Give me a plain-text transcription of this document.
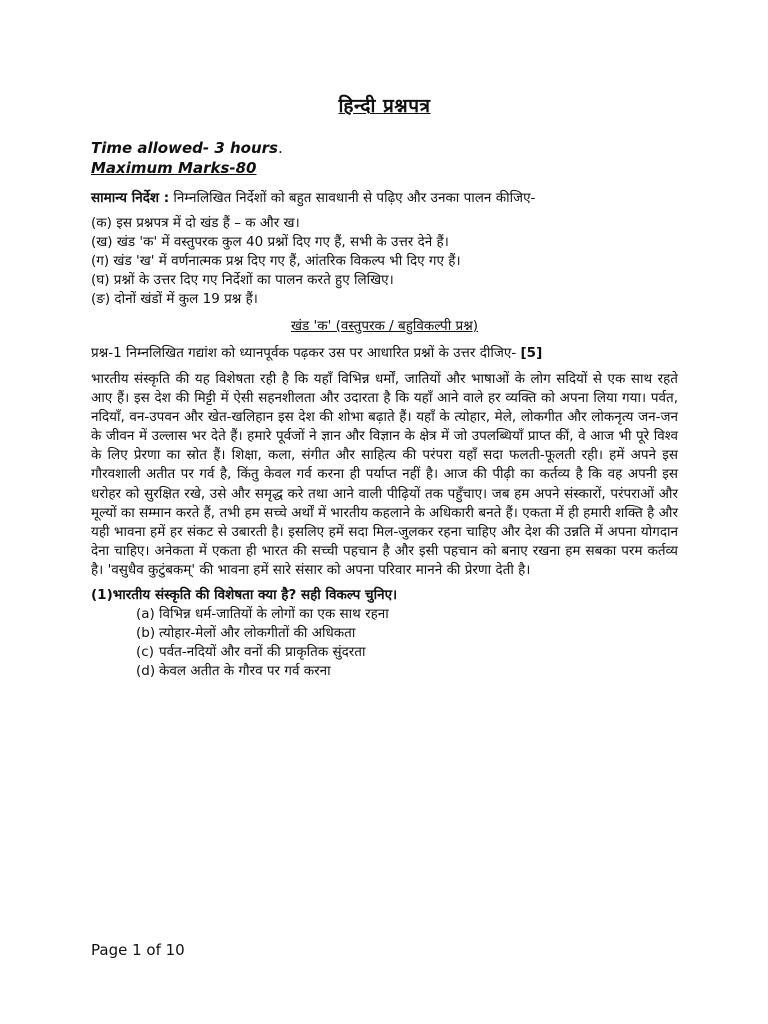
हिन्दी प्रश्नपत्र

Time allowed- 3 hours.

Maximum Marks-80

सामान्य निर्देश : निम्नलिखित निर्देशों को बहुत सावधानी से पढ़िए और उनका पालन कीजिए-

(क) इस प्रश्नपत्र में दो खंड हैं – क और ख।
(ख) खंड 'क' में वस्तुपरक कुल 40 प्रश्नों दिए गए हैं, सभी के उत्तर देने हैं।
(ग) खंड 'ख' में वर्णनात्मक प्रश्न दिए गए हैं, आंतरिक विकल्प भी दिए गए हैं।
(घ) प्रश्नों के उत्तर दिए गए निर्देशों का पालन करते हुए लिखिए।
(ङ) दोनों खंडों में कुल 19 प्रश्न हैं।

खंड 'क' (वस्तुपरक / बहुविकल्पी प्रश्न)

प्रश्न-1 निम्नलिखित गद्यांश को ध्यानपूर्वक पढ़कर उस पर आधारित प्रश्नों के उत्तर दीजिए- [5]

भारतीय संस्कृति की यह विशेषता रही है कि यहाँ विभिन्न धर्मों, जातियों और भाषाओं के लोग सदियों से एक साथ रहते आए हैं। इस देश की मिट्टी में ऐसी सहनशीलता और उदारता है कि यहाँ आने वाले हर व्यक्ति को अपना लिया गया। पर्वत, नदियाँ, वन-उपवन और खेत-खलिहान इस देश की शोभा बढ़ाते हैं। यहाँ के त्योहार, मेले, लोकगीत और लोकनृत्य जन-जन के जीवन में उल्लास भर देते हैं। हमारे पूर्वजों ने ज्ञान और विज्ञान के क्षेत्र में जो उपलब्धियाँ प्राप्त कीं, वे आज भी पूरे विश्व के लिए प्रेरणा का स्रोत हैं। शिक्षा, कला, संगीत और साहित्य की परंपरा यहाँ सदा फलती-फूलती रही। हमें अपने इस गौरवशाली अतीत पर गर्व है, किंतु केवल गर्व करना ही पर्याप्त नहीं है। आज की पीढ़ी का कर्तव्य है कि वह अपनी इस धरोहर को सुरक्षित रखे, उसे और समृद्ध करे तथा आने वाली पीढ़ियों तक पहुँचाए। जब हम अपने संस्कारों, परंपराओं और मूल्यों का सम्मान करते हैं, तभी हम सच्चे अर्थों में भारतीय कहलाने के अधिकारी बनते हैं। एकता में ही हमारी शक्ति है और यही भावना हमें हर संकट से उबारती है। इसलिए हमें सदा मिल-जुलकर रहना चाहिए और देश की उन्नति में अपना योगदान देना चाहिए। अनेकता में एकता ही भारत की सच्ची पहचान है और इसी पहचान को बनाए रखना हम सबका परम कर्तव्य है। 'वसुधैव कुटुंबकम्' की भावना हमें सारे संसार को अपना परिवार मानने की प्रेरणा देती है।

(1)भारतीय संस्कृति की विशेषता क्या है? सही विकल्प चुनिए।

(a) विभिन्न धर्म-जातियों के लोगों का एक साथ रहना
(b) त्योहार-मेलों और लोकगीतों की अधिकता
(c) पर्वत-नदियों और वनों की प्राकृतिक सुंदरता
(d) केवल अतीत के गौरव पर गर्व करना
Page 1 of 10
